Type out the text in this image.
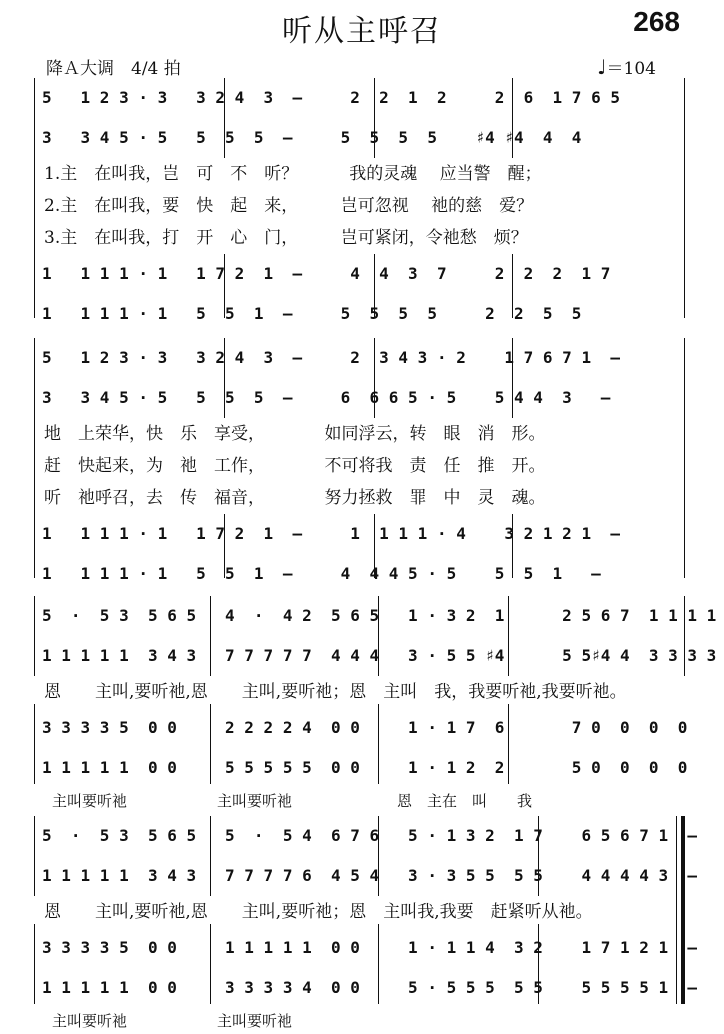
听从主呼召	268
降Ａ大调　4/4 拍	♩＝104
5   1 2 3 · 3   3 2 4  3  –     2  2  1  2     2  6  1 7 6 5
3   3 4 5 · 5   5  5  5  –     5  5  5  5    ♯4 ♯4  4  4
1.主　在叫我，岂　可　不　听？　　　我的灵魂　 应当警　醒；
2.主　在叫我，要　快　起　来，　　　岂可忽视　 祂的慈　爱？
3.主　在叫我，打　开　心　门，　　　岂可紧闭，令祂愁　烦？
1   1 1 1 · 1   1 7 2  1  –     4  4  3  7     2  2  2  1 7
1   1 1 1 · 1   5  5  1  –     5  5  5  5     2  2  5  5
5   1 2 3 · 3   3 2 4  3  –     2  3 4 3 · 2    1 7 6 7 1  –
3   3 4 5 · 5   5  5  5  –     6  6 6 5 · 5    5 4 4  3   –
地　上荣华，快　乐　享受，　　　　如同浮云，转　眼　消　形。
赶　快起来，为　祂　工作，　　　　不可将我　责　任　推　开。
听　祂呼召，去　传　福音，　　　　努力拯救　罪　中　灵　魂。
1   1 1 1 · 1   1 7 2  1  –     1  1 1 1 · 4    3 2 1 2 1  –
1   1 1 1 · 1   5  5  1  –     4  4 4 5 · 5    5  5  1   –
5  ·  5 3  5 6 5   4  ·  4 2  5 6 5   1 · 3 2  1      2 5 6 7  1 1 1 1
1 1 1 1 1  3 4 3   7 7 7 7 7  4 4 4   3 · 5 5 ♯4      5 5♯4 4  3 3 3 3
恩　　主叫,要听祂,恩　　主叫,要听祂；恩　主叫　我，我要听祂,我要听祂。
3 3 3 3 5  0 0     2 2 2 2 4  0 0     1 · 1 7  6       7 0  0  0  0
1 1 1 1 1  0 0     5 5 5 5 5  0 0     1 · 1 2  2       5 0  0  0  0
主叫要听祂　　　　　　主叫要听祂　　　　　　　恩　主在　叫　　我
5  ·  5 3  5 6 5   5  ·  5 4  6 7 6   5 · 1 3 2  1 7    6 5 6 7 1  –
1 1 1 1 1  3 4 3   7 7 7 7 6  4 5 4   3 · 3 5 5  5 5    4 4 4 4 3  –
恩　　主叫,要听祂,恩　　主叫,要听祂；恩　主叫我,我要　赶紧听从祂。
3 3 3 3 5  0 0     1 1 1 1 1  0 0     1 · 1 1 4  3 2    1 7 1 2 1  –
1 1 1 1 1  0 0     3 3 3 3 4  0 0     5 · 5 5 5  5 5    5 5 5 5 1  –
主叫要听祂　　　　　　主叫要听祂
